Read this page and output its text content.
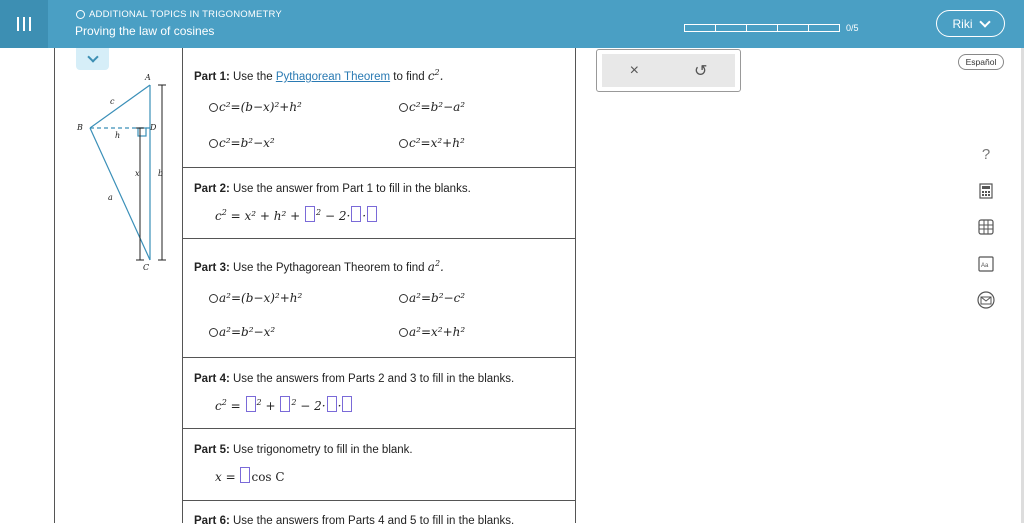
ADDITIONAL TOPICS IN TRIGONOMETRY
Proving the law of cosines	0/5	Riki
A
B
C
D
a
b
c
h
x
Part 1: Use the Pythagorean Theorem to find $c^2$.
c²=(b−x)²+h²	c²=b²−a²
c²=b²−x²	c²=x²+h²
Part 2: Use the answer from Part 1 to fill in the blanks.
$c^2 = x^2 + h^2 + ^2 - 2\cdot$ ·
Part 3: Use the Pythagorean Theorem to find $a^2$.
a²=(b−x)²+h²	a²=b²−c²
a²=b²−x²	a²=x²+h²
Part 4: Use the answers from Parts 2 and 3 to fill in the blanks.
$c^2 = ^2 + ^2 - 2\cdot$ ·
Part 5: Use trigonometry to fill in the blank.
x = cos C
Part 6: Use the answers from Parts 4 and 5 to fill in the blanks.
×	↺
Español
?
Aa
